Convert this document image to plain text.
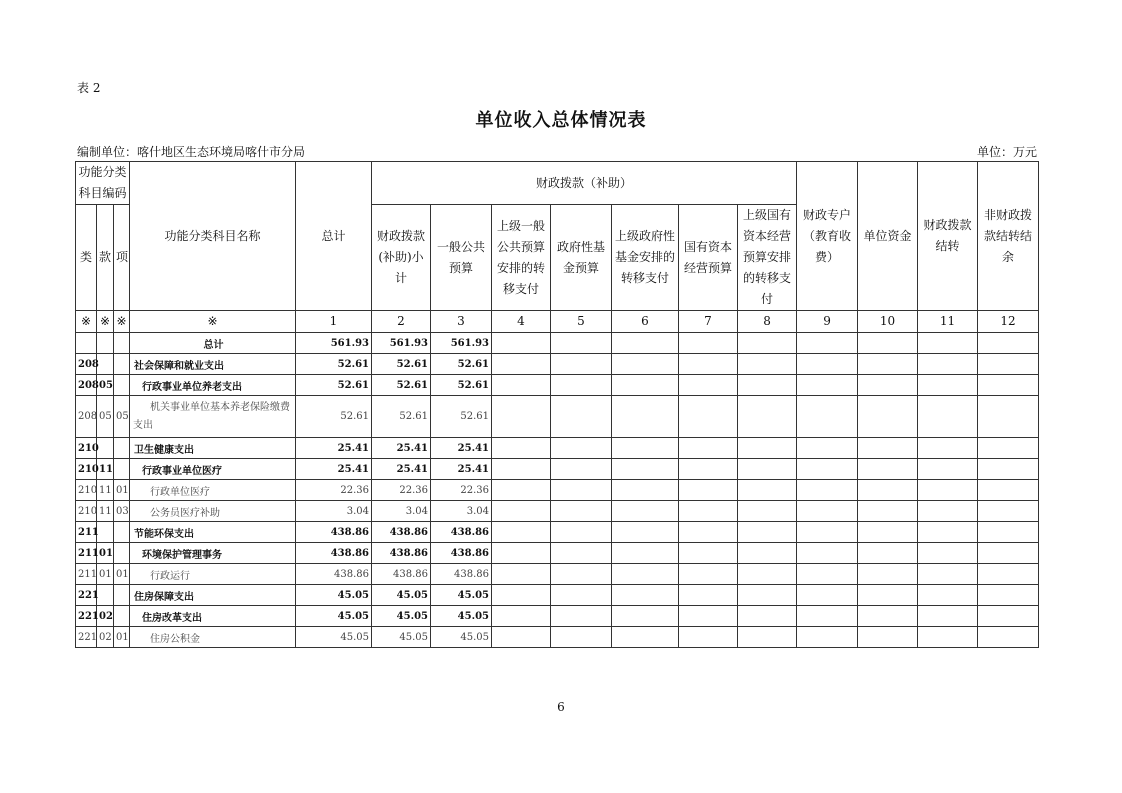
表 2
单位收入总体情况表
编制单位：喀什地区生态环境局喀什市分局	单位：万元
功能分类科目编码			功能分类科目名称	总计	财政拨款（补助）							财政专户（教育收费）	单位资金	财政拨款结转	非财政拨款结转结余
类	款	项			财政拨款(补助)小计	一般公共预算	上级一般公共预算安排的转移支付	政府性基金预算	上级政府性基金安排的转移支付	国有资本经营预算	上级国有资本经营预算安排的转移支付				
※	※	※	※	1	2	3	4	5	6	7	8	9	10	11	12
			总计	561.93	561.93	561.93									
208			社会保障和就业支出	52.61	52.61	52.61									
208	05		行政事业单位养老支出	52.61	52.61	52.61									
208	05	05	机关事业单位基本养老保险缴费支出	52.61	52.61	52.61									
210			卫生健康支出	25.41	25.41	25.41									
210	11		行政事业单位医疗	25.41	25.41	25.41									
210	11	01	行政单位医疗	22.36	22.36	22.36									
210	11	03	公务员医疗补助	3.04	3.04	3.04									
211			节能环保支出	438.86	438.86	438.86									
211	01		环境保护管理事务	438.86	438.86	438.86									
211	01	01	行政运行	438.86	438.86	438.86									
221			住房保障支出	45.05	45.05	45.05									
221	02		住房改革支出	45.05	45.05	45.05									
221	02	01	住房公积金	45.05	45.05	45.05									
6
